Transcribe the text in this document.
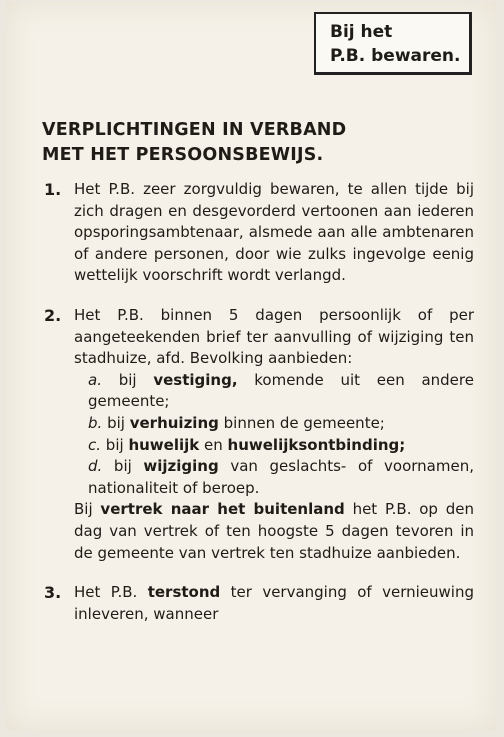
Bij het
P.B. bewaren.
VERPLICHTINGEN IN VERBAND
MET HET PERSOONSBEWIJS.
1. Het P.B. zeer zorgvuldig bewaren, te allen tijde bij zich dragen en desgevorderd vertoonen aan iederen opsporingsambtenaar, alsmede aan alle ambtenaren of andere personen, door wie zulks ingevolge eenig wettelijk voorschrift wordt verlangd.
2. Het P.B. binnen 5 dagen persoonlijk of per aangeteekenden brief ter aanvulling of wijziging ten stadhuize, afd. Bevolking aanbieden:
a. bij vestiging, komende uit een andere gemeente;
b. bij verhuizing binnen de gemeente;
c. bij huwelijk en huwelijksontbinding;
d. bij wijziging van geslachts- of voornamen, nationaliteit of beroep.
Bij vertrek naar het buitenland het P.B. op den dag van vertrek of ten hoogste 5 dagen tevoren in de gemeente van vertrek ten stadhuize aanbieden.
3. Het P.B. terstond ter vervanging of vernieuwing inleveren, wanneer
